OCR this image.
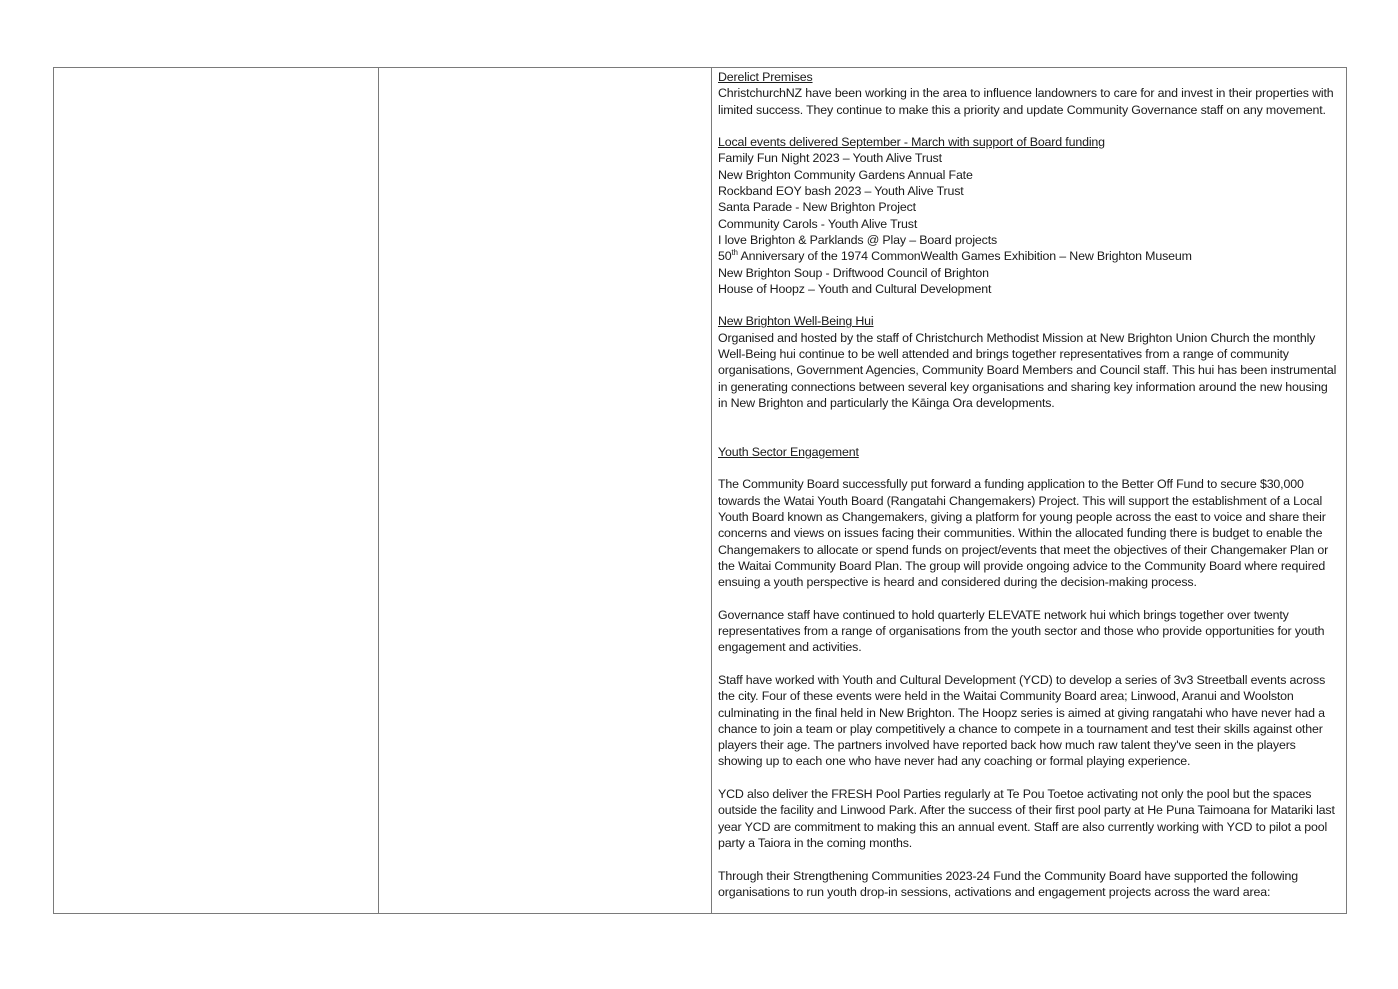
Derelict Premises

ChristchurchNZ have been working in the area to influence landowners to care for and invest in their properties with limited success. They continue to make this a priority and update Community Governance staff on any movement.

Local events delivered September - March with support of Board funding

Family Fun Night 2023 – Youth Alive Trust
New Brighton Community Gardens Annual Fate
Rockband EOY bash 2023 – Youth Alive Trust
Santa Parade - New Brighton Project
Community Carols - Youth Alive Trust
I love Brighton & Parklands @ Play – Board projects
50th Anniversary of the 1974 CommonWealth Games Exhibition – New Brighton Museum
New Brighton Soup - Driftwood Council of Brighton
House of Hoopz – Youth and Cultural Development

New Brighton Well-Being Hui

Organised and hosted by the staff of Christchurch Methodist Mission at New Brighton Union Church the monthly Well-Being hui continue to be well attended and brings together representatives from a range of community organisations, Government Agencies, Community Board Members and Council staff. This hui has been instrumental in generating connections between several key organisations and sharing key information around the new housing in New Brighton and particularly the Kāinga Ora developments.

Youth Sector Engagement

The Community Board successfully put forward a funding application to the Better Off Fund to secure $30,000 towards the Watai Youth Board (Rangatahi Changemakers) Project. This will support the establishment of a Local Youth Board known as Changemakers, giving a platform for young people across the east to voice and share their concerns and views on issues facing their communities. Within the allocated funding there is budget to enable the Changemakers to allocate or spend funds on project/events that meet the objectives of their Changemaker Plan or the Waitai Community Board Plan. The group will provide ongoing advice to the Community Board where required ensuing a youth perspective is heard and considered during the decision-making process.

Governance staff have continued to hold quarterly ELEVATE network hui which brings together over twenty representatives from a range of organisations from the youth sector and those who provide opportunities for youth engagement and activities.

Staff have worked with Youth and Cultural Development (YCD) to develop a series of 3v3 Streetball events across the city. Four of these events were held in the Waitai Community Board area; Linwood, Aranui and Woolston culminating in the final held in New Brighton. The Hoopz series is aimed at giving rangatahi who have never had a chance to join a team or play competitively a chance to compete in a tournament and test their skills against other players their age. The partners involved have reported back how much raw talent they've seen in the players showing up to each one who have never had any coaching or formal playing experience.

YCD also deliver the FRESH Pool Parties regularly at Te Pou Toetoe activating not only the pool but the spaces outside the facility and Linwood Park. After the success of their first pool party at He Puna Taimoana for Matariki last year YCD are commitment to making this an annual event. Staff are also currently working with YCD to pilot a pool party a Taiora in the coming months.

Through their Strengthening Communities 2023-24 Fund the Community Board have supported the following organisations to run youth drop-in sessions, activations and engagement projects across the ward area:
